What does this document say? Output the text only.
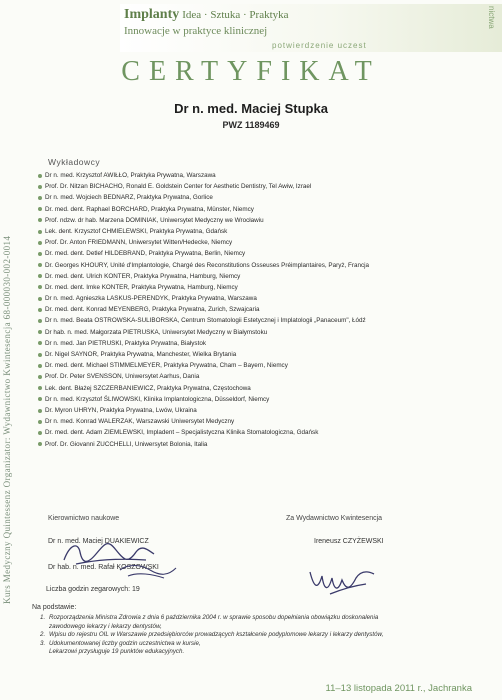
Kurs Medyczny Quintessenz Organizator: Wydawnictwo Kwintesencja 68-000030-002-0014
Implanty Idea · Sztuka · Praktyka
Innowacje w praktyce klinicznej
potwierdzenie uczest
nictwa
CERTYFIKAT
Dr n. med. Maciej Stupka
PWZ 1189469
Wykładowcy
Dr n. med. Krzysztof AWIŁŁO, Praktyka Prywatna, Warszawa
Prof. Dr. Nitzan BICHACHO, Ronald E. Goldstein Center for Aesthetic Dentistry, Tel Awiw, Izrael
Dr n. med. Wojciech BEDNARZ, Praktyka Prywatna, Gorlice
Dr. med. dent. Raphael BORCHARD, Praktyka Prywatna, Münster, Niemcy
Prof. ndzw. dr hab. Marzena DOMINIAK, Uniwersytet Medyczny we Wrocławiu
Lek. dent. Krzysztof CHMIELEWSKI, Praktyka Prywatna, Gdańsk
Prof. Dr. Anton FRIEDMANN, Uniwersytet Witten/Hedecke, Niemcy
Dr. med. dent. Detlef HILDEBRAND, Praktyka Prywatna, Berlin, Niemcy
Dr. Georges KHOURY, Unité d'Implantologie, Chargé des Reconstitutions Osseuses Préimplantaires, Paryż, Francja
Dr. med. dent. Ulrich KONTER, Praktyka Prywatna, Hamburg, Niemcy
Dr. med. dent. Imke KONTER, Praktyka Prywatna, Hamburg, Niemcy
Dr n. med. Agnieszka LASKUS-PERENDYK, Praktyka Prywatna, Warszawa
Dr. med. dent. Konrad MEYENBERG, Praktyka Prywatna, Zurich, Szwajcaria
Dr n. med. Beata OSTROWSKA-SULIBORSKA, Centrum Stomatologii Estetycznej i Implatologii „Panaceum", Łódź
Dr hab. n. med. Małgorzata PIETRUSKA, Uniwersytet Medyczny w Białymstoku
Dr n. med. Jan PIETRUSKI, Praktyka Prywatna, Białystok
Dr. Nigel SAYNOR, Praktyka Prywatna, Manchester, Wielka Brytania
Dr. med. dent. Michael STIMMELMEYER, Praktyka Prywatna, Cham – Bayern, Niemcy
Prof. Dr. Peter SVENSSON, Uniwersytet Aarhus, Dania
Lek. dent. Błażej SZCZERBANIEWICZ, Praktyka Prywatna, Częstochowa
Dr n. med. Krzysztof ŚLIWOWSKI, Klinika Implantologiczna, Düsseldorf, Niemcy
Dr. Myron UHRYN, Praktyka Prywatna, Lwów, Ukraina
Dr n. med. Konrad WALERZAK, Warszawski Uniwersytet Medyczny
Dr. med. dent. Adam ZIEMLEWSKI, Impladent – Specjalistyczna Klinika Stomatologiczna, Gdańsk
Prof. Dr. Giovanni ZUCCHELLI, Uniwersytet Bolonia, Italia
Kierownictwo naukowe
Dr n. med. Maciej DUAKIEWICZ
Dr hab. n. med. Rafał KOSZOWSKI
Za Wydawnictwo Kwintesencja
Ireneusz CZYŻEWSKI
Liczba godzin zegarowych: 19
Na podstawie:
1. Rozporządzenia Ministra Zdrowia z dnia 6 października 2004 r. w sprawie sposobu dopełniania obowiązku doskonalenia
zawodowego lekarzy i lekarzy dentystów,
2. Wpisu do rejestru OIL w Warszawie przedsiębiorców prowadzących kształcenie podyplomowe lekarzy i lekarzy dentystów,
3. Udokumentowanej liczby godzin uczestnictwa w kursie,
Lekarzowi przysługuje 19 punktów edukacyjnych.
11–13 listopada 2011 r., Jachranka
